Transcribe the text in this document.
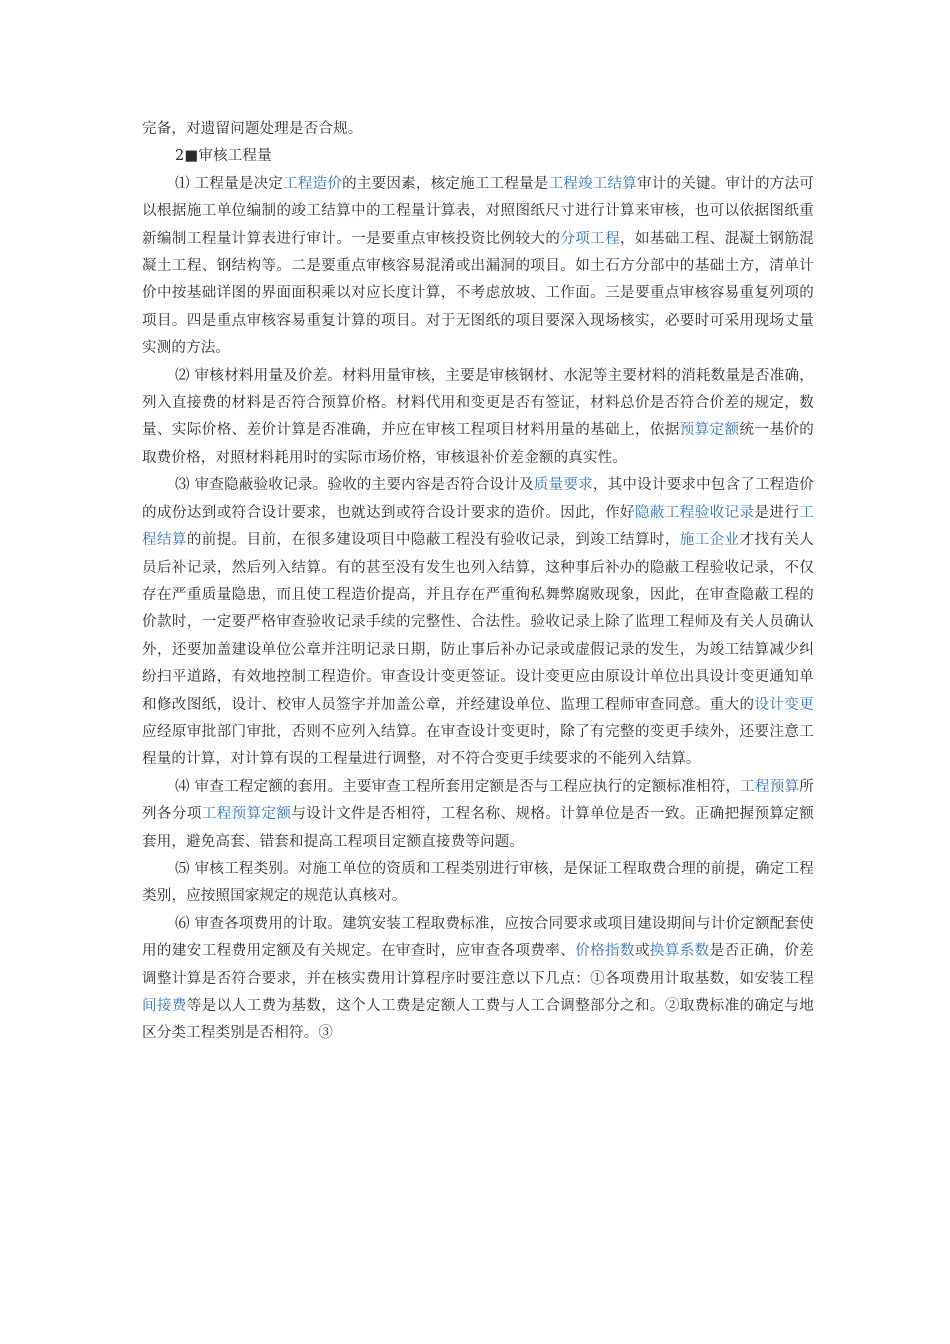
完备，对遗留问题处理是否合规。

2■审核工程量

⑴ 工程量是决定工程造价的主要因素，核定施工工程量是工程竣工结算审计的关键。审计的方法可以根据施工单位编制的竣工结算中的工程量计算表，对照图纸尺寸进行计算来审核，也可以依据图纸重新编制工程量计算表进行审计。一是要重点审核投资比例较大的分项工程，如基础工程、混凝土钢筋混凝土工程、钢结构等。二是要重点审核容易混淆或出漏洞的项目。如土石方分部中的基础土方，清单计价中按基础详图的界面面积乘以对应长度计算，不考虑放坡、工作面。三是要重点审核容易重复列项的项目。四是重点审核容易重复计算的项目。对于无图纸的项目要深入现场核实，必要时可采用现场丈量实测的方法。

⑵ 审核材料用量及价差。材料用量审核，主要是审核钢材、水泥等主要材料的消耗数量是否准确，列入直接费的材料是否符合预算价格。材料代用和变更是否有签证，材料总价是否符合价差的规定，数量、实际价格、差价计算是否准确，并应在审核工程项目材料用量的基础上，依据预算定额统一基价的取费价格，对照材料耗用时的实际市场价格，审核退补价差金额的真实性。

⑶ 审查隐蔽验收记录。验收的主要内容是否符合设计及质量要求，其中设计要求中包含了工程造价的成份达到或符合设计要求，也就达到或符合设计要求的造价。因此，作好隐蔽工程验收记录是进行工程结算的前提。目前，在很多建设项目中隐蔽工程没有验收记录，到竣工结算时，施工企业才找有关人员后补记录，然后列入结算。有的甚至没有发生也列入结算，这种事后补办的隐蔽工程验收记录，不仅存在严重质量隐患，而且使工程造价提高，并且存在严重徇私舞弊腐败现象，因此，在审查隐蔽工程的价款时，一定要严格审查验收记录手续的完整性、合法性。验收记录上除了监理工程师及有关人员确认外，还要加盖建设单位公章并注明记录日期，防止事后补办记录或虚假记录的发生，为竣工结算减少纠纷扫平道路，有效地控制工程造价。审查设计变更签证。设计变更应由原设计单位出具设计变更通知单和修改图纸，设计、校审人员签字并加盖公章，并经建设单位、监理工程师审查同意。重大的设计变更应经原审批部门审批，否则不应列入结算。在审查设计变更时，除了有完整的变更手续外，还要注意工程量的计算，对计算有误的工程量进行调整，对不符合变更手续要求的不能列入结算。

⑷ 审查工程定额的套用。主要审查工程所套用定额是否与工程应执行的定额标准相符，工程预算所列各分项工程预算定额与设计文件是否相符，工程名称、规格。计算单位是否一致。正确把握预算定额套用，避免高套、错套和提高工程项目定额直接费等问题。

⑸ 审核工程类别。对施工单位的资质和工程类别进行审核，是保证工程取费合理的前提，确定工程类别，应按照国家规定的规范认真核对。

⑹ 审查各项费用的计取。建筑安装工程取费标准，应按合同要求或项目建设期间与计价定额配套使用的建安工程费用定额及有关规定。在审查时，应审查各项费率、价格指数或换算系数是否正确，价差调整计算是否符合要求，并在核实费用计算程序时要注意以下几点：①各项费用计取基数，如安装工程间接费等是以人工费为基数，这个人工费是定额人工费与人工合调整部分之和。②取费标准的确定与地区分类工程类别是否相符。③
